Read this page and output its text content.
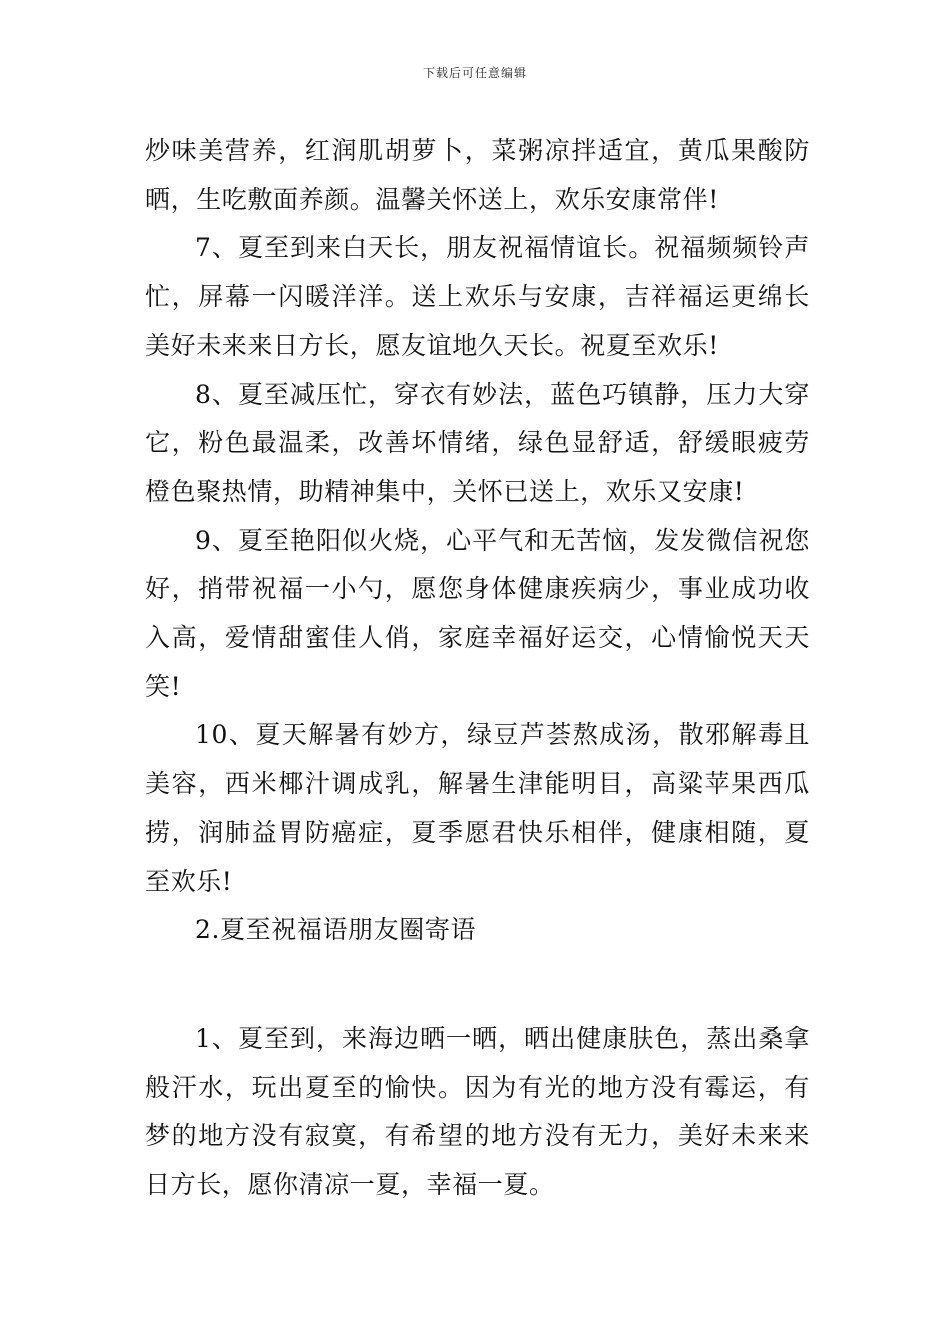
下载后可任意编辑

炒味美营养，红润肌胡萝卜，菜粥凉拌适宜，黄瓜果酸防晒，生吃敷面养颜。温馨关怀送上，欢乐安康常伴!

7、夏至到来白天长，朋友祝福情谊长。祝福频频铃声忙，屏幕一闪暖洋洋。送上欢乐与安康，吉祥福运更绵长美好未来来日方长，愿友谊地久天长。祝夏至欢乐!

8、夏至减压忙，穿衣有妙法，蓝色巧镇静，压力大穿它，粉色最温柔，改善坏情绪，绿色显舒适，舒缓眼疲劳橙色聚热情，助精神集中，关怀已送上，欢乐又安康!

9、夏至艳阳似火烧，心平气和无苦恼，发发微信祝您好，捎带祝福一小勺，愿您身体健康疾病少，事业成功收入高，爱情甜蜜佳人俏，家庭幸福好运交，心情愉悦天天笑!

10、夏天解暑有妙方，绿豆芦荟熬成汤，散邪解毒且美容，西米椰汁调成乳，解暑生津能明目，高粱苹果西瓜捞，润肺益胃防癌症，夏季愿君快乐相伴，健康相随，夏至欢乐!

2.夏至祝福语朋友圈寄语

1、夏至到，来海边晒一晒，晒出健康肤色，蒸出桑拿般汗水，玩出夏至的愉快。因为有光的地方没有霉运，有梦的地方没有寂寞，有希望的地方没有无力，美好未来来日方长，愿你清凉一夏，幸福一夏。
